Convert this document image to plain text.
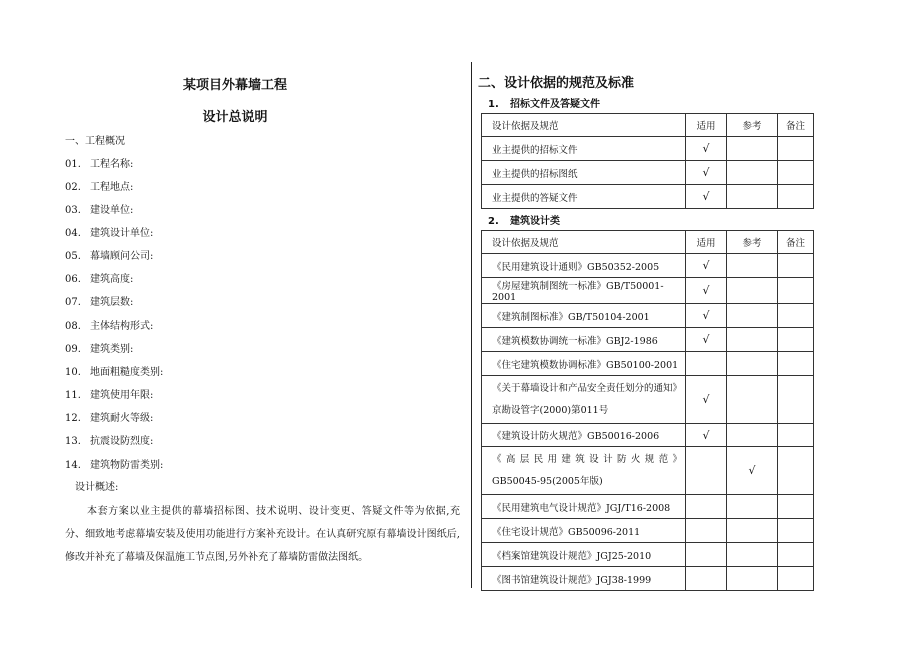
某项目外幕墙工程
设计总说明
一、工程概况
01. 工程名称:
02. 工程地点:
03. 建设单位:
04. 建筑设计单位:
05. 幕墙顾问公司:
06. 建筑高度:
07. 建筑层数:
08. 主体结构形式:
09. 建筑类别:
10. 地面粗糙度类别:
11. 建筑使用年限:
12. 建筑耐火等级:
13. 抗震设防烈度:
14. 建筑物防雷类别:
设计概述:
本套方案以业主提供的幕墙招标图、技术说明、设计变更、答疑文件等为依据,充分、细致地考虑幕墙安装及使用功能进行方案补充设计。在认真研究原有幕墙设计图纸后,修改并补充了幕墙及保温施工节点图,另外补充了幕墙防雷做法图纸。
二、设计依据的规范及标准
1. 招标文件及答疑文件
设计依据及规范	适用	参考	备注
业主提供的招标文件	√		
业主提供的招标图纸	√		
业主提供的答疑文件	√		
2. 建筑设计类
设计依据及规范	适用	参考	备注
《民用建筑设计通则》GB50352-2005	√		
《房屋建筑制图统一标准》GB/T50001-2001	√		
《建筑制图标准》GB/T50104-2001	√		
《建筑模数协调统一标准》GBJ2-1986	√		
《住宅建筑模数协调标准》GB50100-2001			

《关于幕墙设计和产品安全责任划分的通知》
京勘设管字(2000)第011号	√		
《建筑设计防火规范》GB50016-2006	√		

《高层民用建筑设计防火规范》
GB50045-95(2005年版)		√	
《民用建筑电气设计规范》JGJ/T16-2008			
《住宅设计规范》GB50096-2011			
《档案馆建筑设计规范》JGJ25-2010			
《图书馆建筑设计规范》JGJ38-1999			
